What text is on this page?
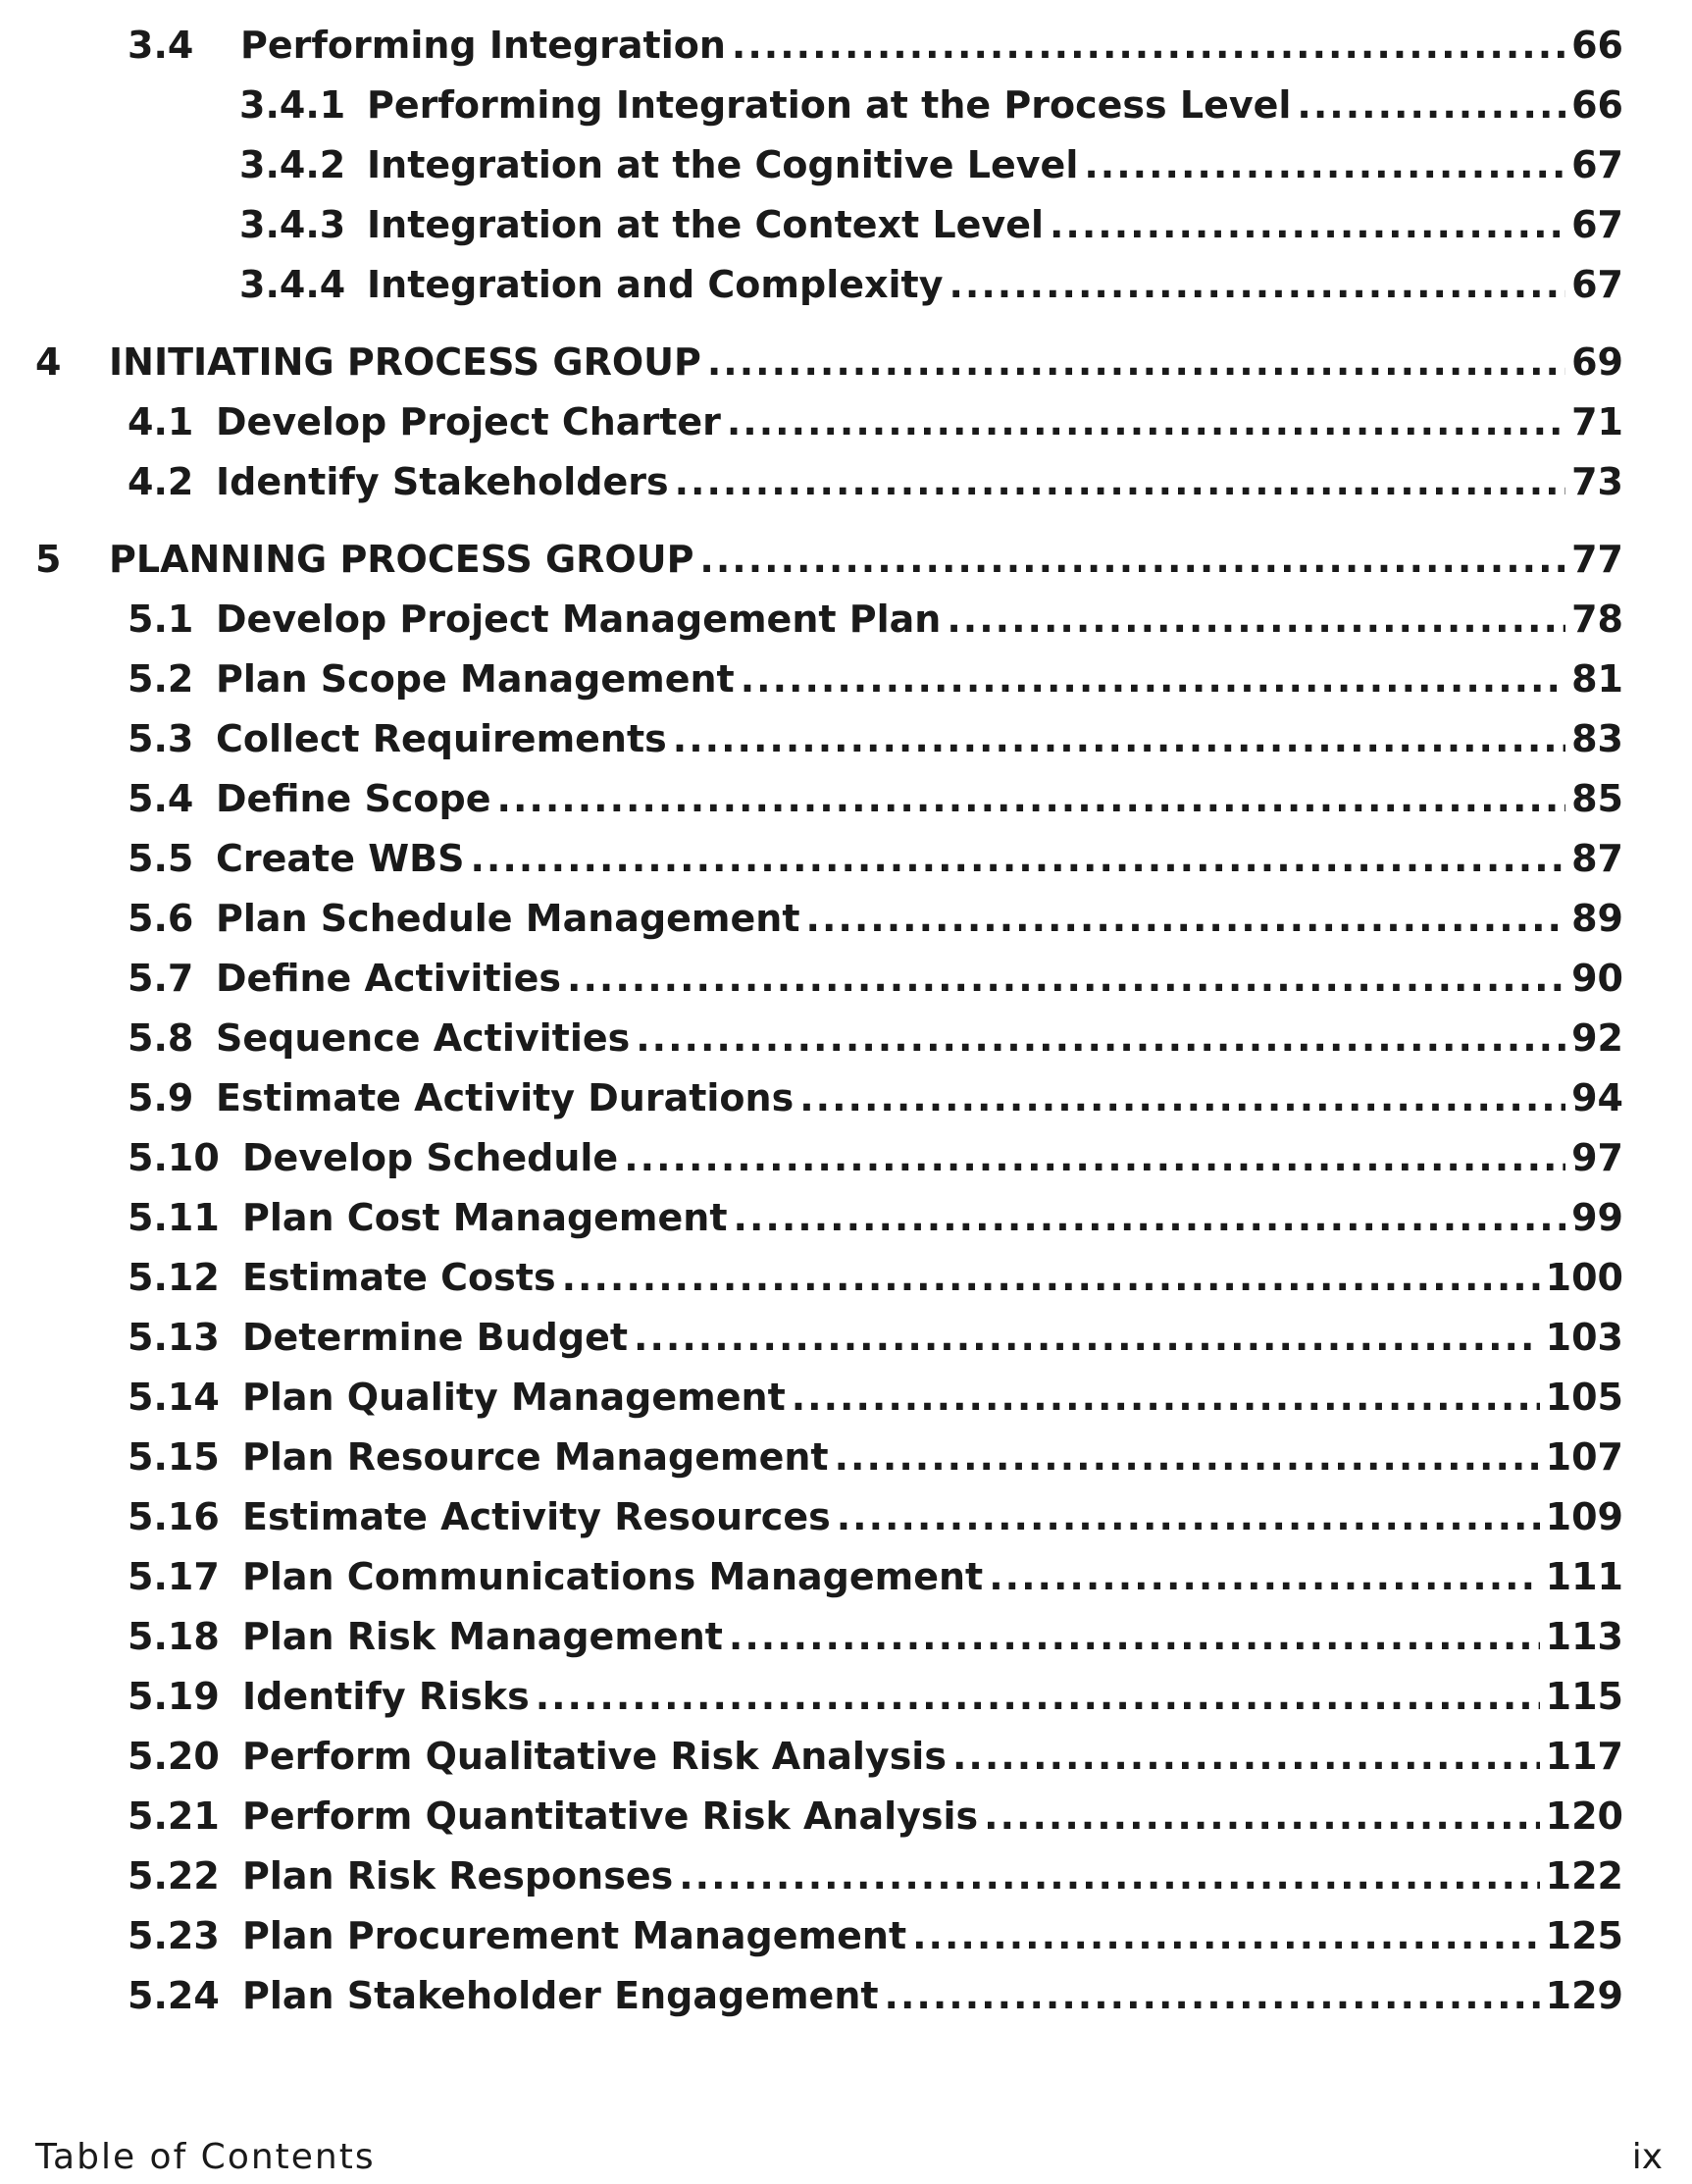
3.4	Performing Integration .....	66
3.4.1 Performing Integration at the Process Level .....	66
3.4.2 Integration at the Cognitive Level .....	67
3.4.3 Integration at the Context Level .....	67
3.4.4 Integration and Complexity .....	67
4	INITIATING PROCESS GROUP .....	69
4.1 Develop Project Charter .....	71
4.2 Identify Stakeholders .....	73
5	PLANNING PROCESS GROUP .....	77
5.1 Develop Project Management Plan .....	78
5.2 Plan Scope Management .....	81
5.3 Collect Requirements .....	83
5.4 Define Scope .....	85
5.5 Create WBS .....	87
5.6 Plan Schedule Management .....	89
5.7 Define Activities .....	90
5.8 Sequence Activities .....	92
5.9 Estimate Activity Durations .....	94
5.10 Develop Schedule .....	97
5.11 Plan Cost Management .....	99
5.12 Estimate Costs .....	100
5.13 Determine Budget .....	103
5.14 Plan Quality Management .....	105
5.15 Plan Resource Management .....	107
5.16 Estimate Activity Resources .....	109
5.17 Plan Communications Management .....	111
5.18 Plan Risk Management .....	113
5.19 Identify Risks .....	115
5.20 Perform Qualitative Risk Analysis .....	117
5.21 Perform Quantitative Risk Analysis .....	120
5.22 Plan Risk Responses .....	122
5.23 Plan Procurement Management .....	125
5.24 Plan Stakeholder Engagement .....	129
Table of Contents	ix
